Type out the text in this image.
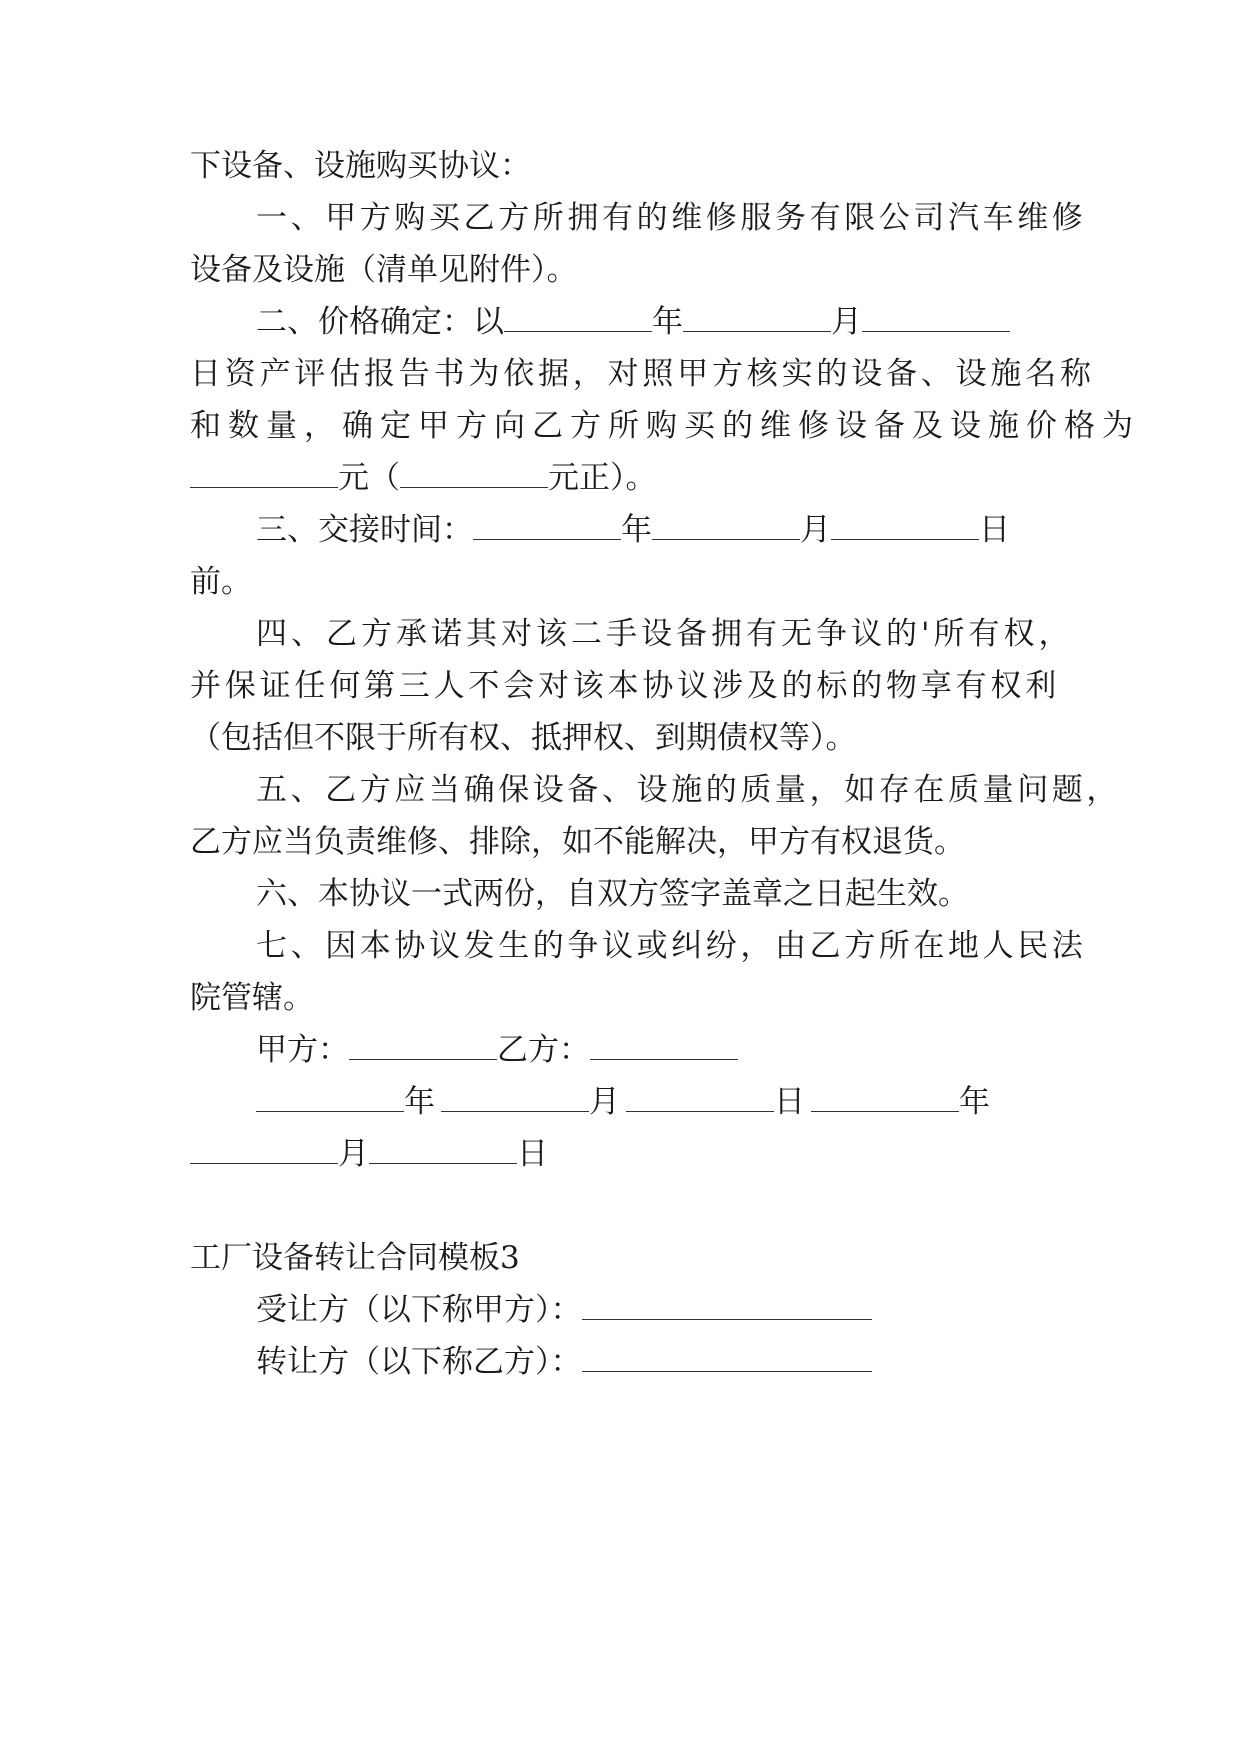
下设备、设施购买协议：
一、甲方购买乙方所拥有的维修服务有限公司汽车维修
设备及设施（清单见附件）。
二、价格确定：以	年	月
日资产评估报告书为依据，对照甲方核实的设备、设施名称
和数量，确定甲方向乙方所购买的维修设备及设施价格为
元（	元正）。
三、交接时间：	年	月	日
前。
四、乙方承诺其对该二手设备拥有无争议的'所有权，
并保证任何第三人不会对该本协议涉及的标的物享有权利
（包括但不限于所有权、抵押权、到期债权等）。
五、乙方应当确保设备、设施的质量，如存在质量问题，
乙方应当负责维修、排除，如不能解决，甲方有权退货。
六、本协议一式两份，自双方签字盖章之日起生效。
七、因本协议发生的争议或纠纷，由乙方所在地人民法
院管辖。
甲方：	乙方：
年	月	日	年
月	日
工厂设备转让合同模板3
受让方（以下称甲方）：
转让方（以下称乙方）：
